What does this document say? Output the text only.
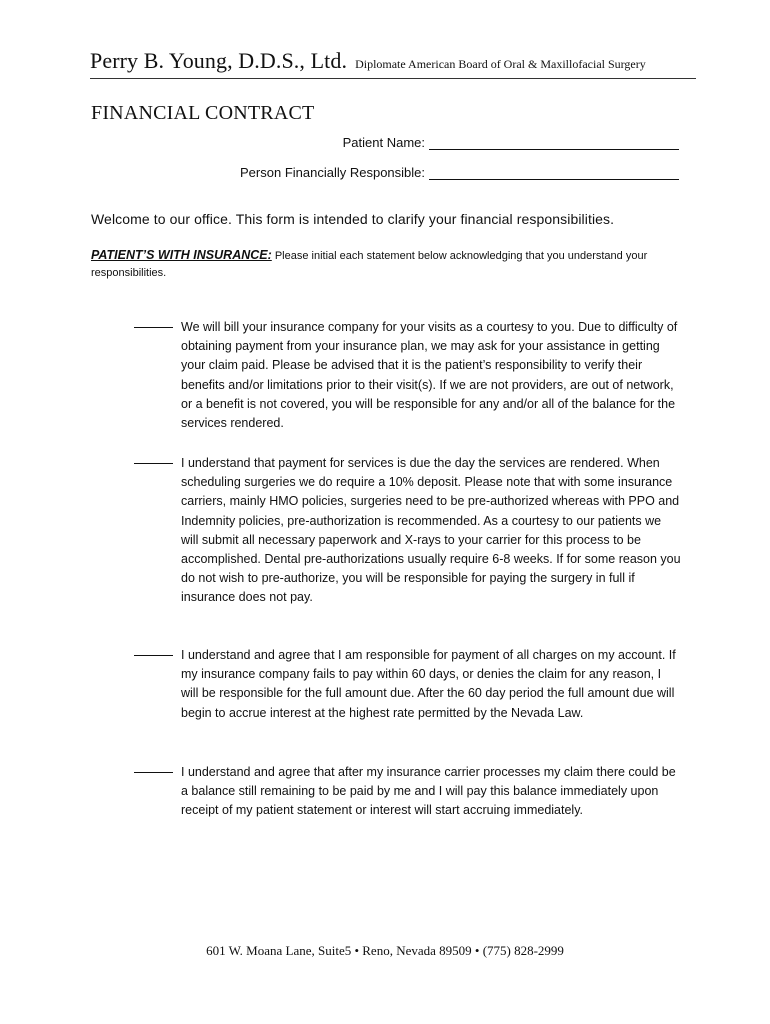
Perry B. Young, D.D.S., Ltd. Diplomate American Board of Oral & Maxillofacial Surgery
FINANCIAL CONTRACT
Patient Name:
Person Financially Responsible:
Welcome to our office. This form is intended to clarify your financial responsibilities.
PATIENT’S WITH INSURANCE: Please initial each statement below acknowledging that you understand your responsibilities.
We will bill your insurance company for your visits as a courtesy to you. Due to difficulty of obtaining payment from your insurance plan, we may ask for your assistance in getting your claim paid. Please be advised that it is the patient’s responsibility to verify their benefits and/or limitations prior to their visit(s). If we are not providers, are out of network, or a benefit is not covered, you will be responsible for any and/or all of the balance for the services rendered.
I understand that payment for services is due the day the services are rendered. When scheduling surgeries we do require a 10% deposit. Please note that with some insurance carriers, mainly HMO policies, surgeries need to be pre-authorized whereas with PPO and Indemnity policies, pre-authorization is recommended. As a courtesy to our patients we will submit all necessary paperwork and X-rays to your carrier for this process to be accomplished. Dental pre-authorizations usually require 6-8 weeks. If for some reason you do not wish to pre-authorize, you will be responsible for paying the surgery in full if insurance does not pay.
I understand and agree that I am responsible for payment of all charges on my account. If my insurance company fails to pay within 60 days, or denies the claim for any reason, I will be responsible for the full amount due. After the 60 day period the full amount due will begin to accrue interest at the highest rate permitted by the Nevada Law.
I understand and agree that after my insurance carrier processes my claim there could be a balance still remaining to be paid by me and I will pay this balance immediately upon receipt of my patient statement or interest will start accruing immediately.
601 W. Moana Lane, Suite5 • Reno, Nevada 89509 • (775) 828-2999
